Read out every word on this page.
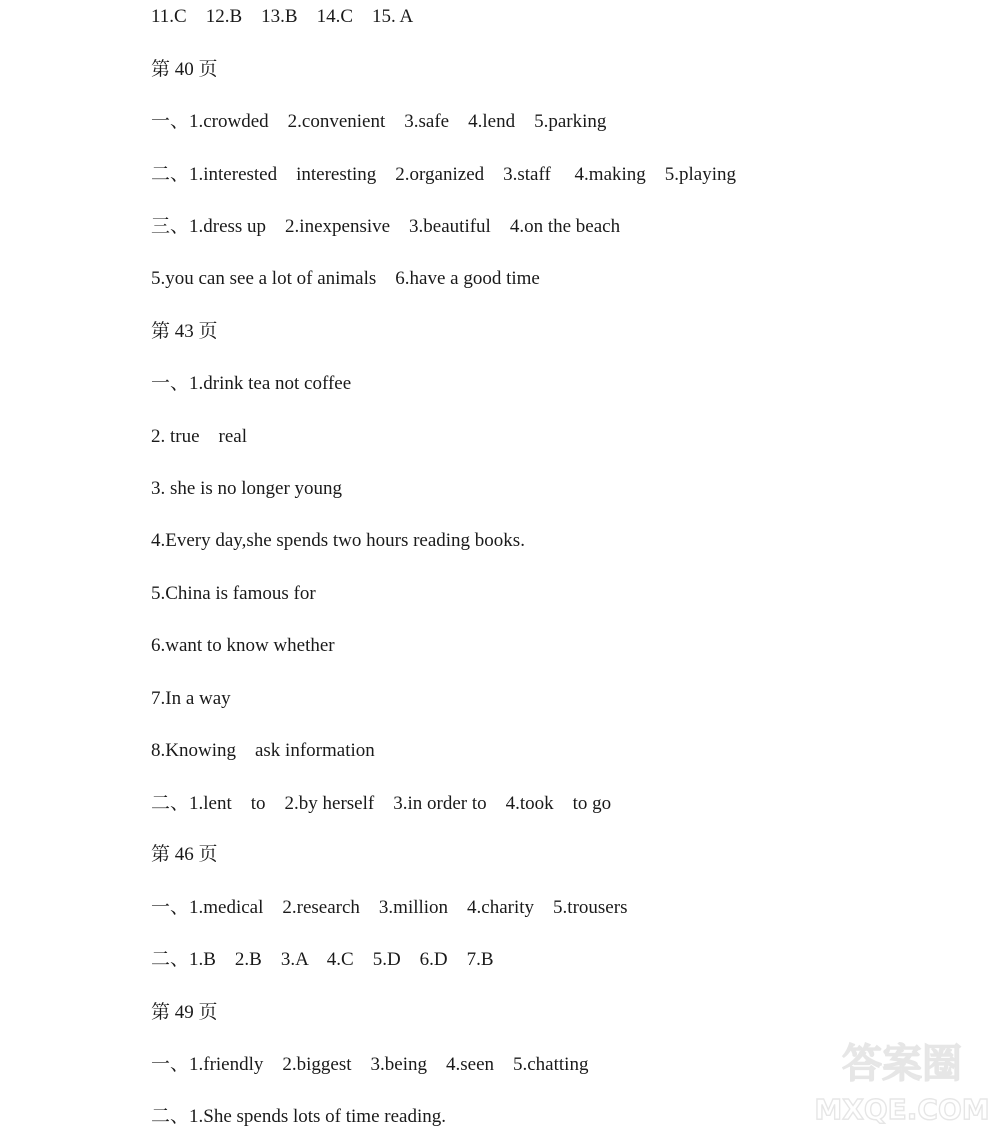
11.C    12.B    13.B    14.C    15. A
第 40 页
一、1.crowded    2.convenient    3.safe    4.lend    5.parking
二、1.interested    interesting    2.organized    3.staff     4.making    5.playing
三、1.dress up    2.inexpensive    3.beautiful    4.on the beach
5.you can see a lot of animals    6.have a good time
第 43 页
一、1.drink tea not coffee
2. true    real
3. she is no longer young
4.Every day,she spends two hours reading books.
5.China is famous for
6.want to know whether
7.In a way
8.Knowing    ask information
二、1.lent    to    2.by herself    3.in order to    4.took    to go
第 46 页
一、1.medical    2.research    3.million    4.charity    5.trousers
二、1.B    2.B    3.A    4.C    5.D    6.D    7.B
第 49 页
一、1.friendly    2.biggest    3.being    4.seen    5.chatting
二、1.She spends lots of time reading.
答案圈
MXQE.COM
